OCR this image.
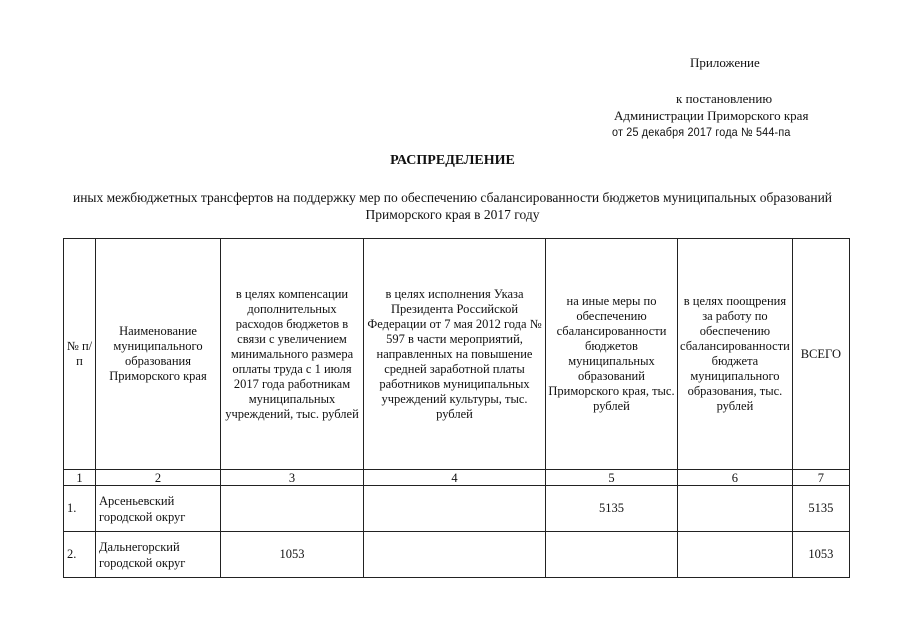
Приложение
к постановлению
Администрации Приморского края
от 25 декабря 2017 года № 544-па
РАСПРЕДЕЛЕНИЕ
иных межбюджетных трансфертов на поддержку мер по обеспечению сбалансированности бюджетов муниципальных образований Приморского края в 2017 году
№ п/п	Наименование муниципального образования Приморского края	в целях компенсации дополнительных расходов бюджетов в связи с увеличением минимального размера оплаты труда с 1 июля 2017 года работникам муниципальных учреждений, тыс. рублей	в целях исполнения Указа Президента Российской Федерации от 7 мая 2012 года № 597 в части мероприятий, направленных на повышение средней заработной платы работников муниципальных учреждений культуры, тыс. рублей	на иные меры по обеспечению сбалансированности бюджетов муниципальных образований Приморского края, тыс. рублей	в целях поощрения за работу по обеспечению сбалансированности бюджета муниципального образования, тыс. рублей	ВСЕГО
1	2	3	4	5	6	7
1.	Арсеньевский городской округ			5135		5135
2.	Дальнегорский городской округ	1053				1053
